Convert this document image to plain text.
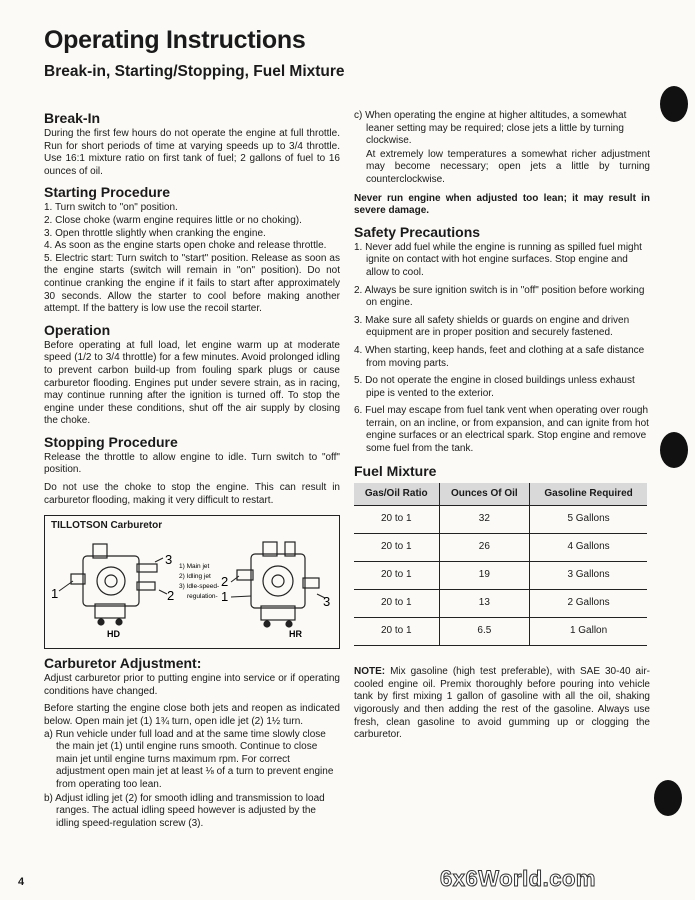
Operating Instructions
Break-in, Starting/Stopping, Fuel Mixture
Break-In

During the first few hours do not operate the engine at full throttle. Run for short periods of time at varying speeds up to 3/4 throttle. Use 16:1 mixture ratio on first tank of fuel; 2 gallons of fuel to 16 ounces of oil.

Starting Procedure
1. Turn switch to "on" position.
2. Close choke (warm engine requires little or no choking).
3. Open throttle slightly when cranking the engine.
4. As soon as the engine starts open choke and release throttle.
5. Electric start: Turn switch to "start" position. Release as soon as the engine starts (switch will remain in "on" position). Do not continue cranking the engine if it fails to start after approximately 30 seconds. Allow the starter to cool before making another attempt. If the battery is low use the recoil starter.
Operation

Before operating at full load, let engine warm up at moderate speed (1/2 to 3/4 throttle) for a few minutes. Avoid prolonged idling to prevent carbon build-up from fouling spark plugs or cause carburetor flooding. Engines put under severe strain, as in racing, may continue running after the ignition is turned off. To stop the engine under these conditions, shut off the air supply by closing the choke.

Stopping Procedure

Release the throttle to allow engine to idle. Turn switch to "off" position.

Do not use the choke to stop the engine. This can result in carburetor flooding, making it very difficult to restart.

TILLOTSON Carburetor
1
3
2
HD
1) Main jet
2) Idling jet
3) Idle-speed-
regulation-
2
1	3
HR
Carburetor Adjustment:

Adjust carburetor prior to putting engine into service or if operating conditions have changed.

Before starting the engine close both jets and reopen as indicated below. Open main jet (1) 1¾ turn, open idle jet (2) 1½ turn.

a) Run vehicle under full load and at the same time slowly close the main jet (1) until engine runs smooth. Continue to close main jet until engine turns maximum rpm. For correct adjustment open main jet at least ⅛ of a turn to prevent engine from operating too lean.
b) Adjust idling jet (2) for smooth idling and transmission to load ranges. The actual idling speed however is adjusted by the idling speed-regulation screw (3).
c) When operating the engine at higher altitudes, a somewhat leaner setting may be required; close jets a little by turning clockwise.

At extremely low temperatures a somewhat richer adjustment may become necessary; open jets a little by turning counterclockwise.

Never run engine when adjusted too lean; it may result in severe damage.

Safety Precautions
1. Never add fuel while the engine is running as spilled fuel might ignite on contact with hot engine surfaces. Stop engine and allow to cool.
2. Always be sure ignition switch is in "off" position before working on engine.
3. Make sure all safety shields or guards on engine and driven equipment are in proper position and securely fastened.
4. When starting, keep hands, feet and clothing at a safe distance from moving parts.
5. Do not operate the engine in closed buildings unless exhaust pipe is vented to the exterior.
6. Fuel may escape from fuel tank vent when operating over rough terrain, on an incline, or from expansion, and can ignite from hot engine surfaces or an electrical spark. Stop engine and remove some fuel from the tank.
Fuel Mixture
Gas/Oil Ratio	Ounces Of Oil	Gasoline Required
20 to 1	32	5 Gallons
20 to 1	26	4 Gallons
20 to 1	19	3 Gallons
20 to 1	13	2 Gallons
20 to 1	6.5	1 Gallon

NOTE: Mix gasoline (high test preferable), with SAE 30-40 air-cooled engine oil. Premix thoroughly before pouring into vehicle tank by first mixing 1 gallon of gasoline with all the oil, shaking vigorously and then adding the rest of the gasoline. Always use fresh, clean gasoline to avoid gumming up or clogging the carburetor.

4	6x6World.com
